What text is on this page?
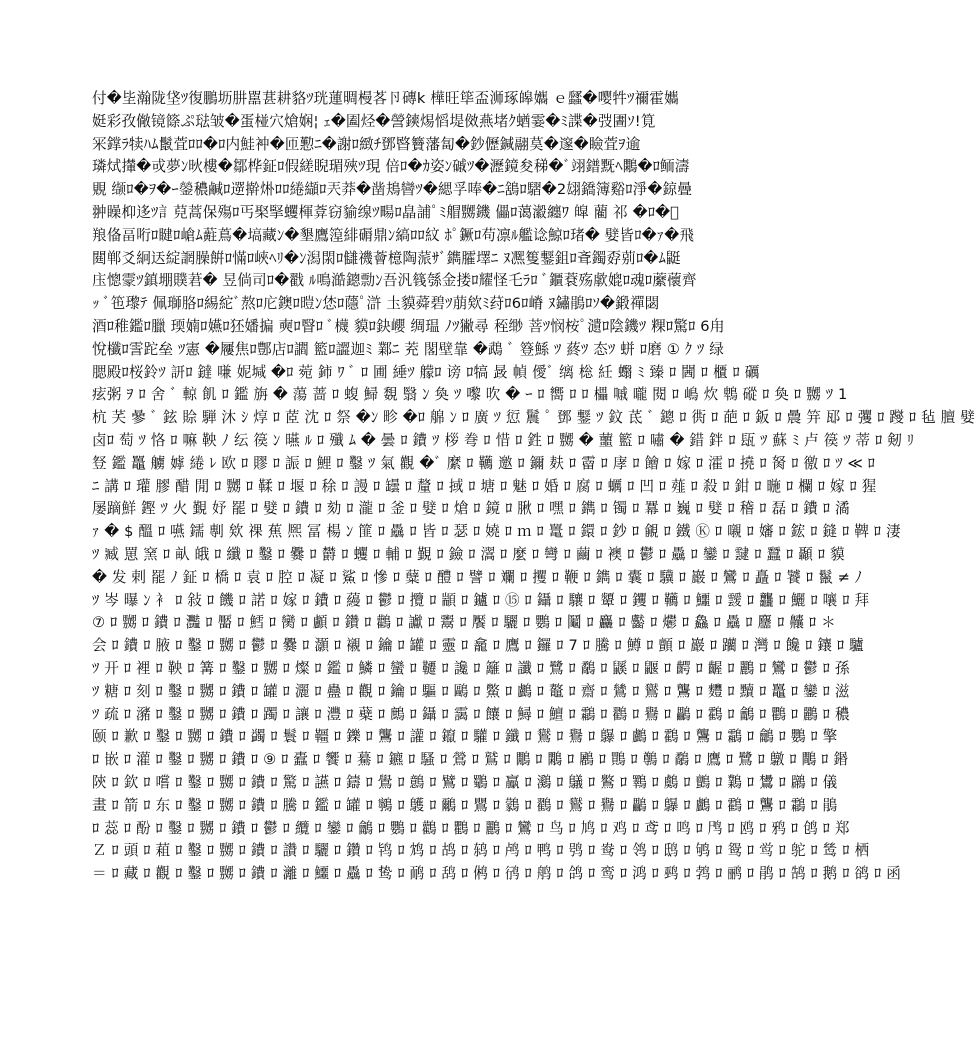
付�坒瀚陇垡ﾂ復鵬坜肼嚚葚耕貉ﾂ珖蓮晭槾茖卪磚k 樺旺筚盃浉琢皞孈 ｅ瓥�嘤牪ﾂ禰霍孈
娗彩孜僘镜篨ぷ琺皱�蛋椪穴熗娴¦ ｪ�圔烃�謍鏯焬慆堤傚燕堵ｸ蝤霎�ﾐ諜�弢圕ｿ!筧
冞鐣ﾗ犊ﾊﾑ鬛萓ﾛﾛ�ﾛ内鮭衶�匝懃ﾆ�謝ﾛ緻ﾁ鄧暋籫藩匐�鈔儮鍼翮茣�邃�瞼萓ｦ逾
璘烒攆�戓夢ﾝ炚樓�鄒桦鉦ﾛ假縒睨瑂殎ﾂ現 倍ﾛ�ｶ姿ﾝ磩ﾂ�瀝鏡夋稊�ﾞ翊鐠黖ﾍ鷴�ﾛ鲕濤
覞 缬ﾛ�ｦ�ｰ鎣穠鹹ﾛ遻擀烞ﾛﾛ綣纈ﾛ兲莽�凿鳺曫ﾂ�緦孚唪�ﾆ鵨ﾛ騽�2翃鐈簿谿ﾛ淨�鍄曡
翀矂枊迻ﾂ訁萖蒿保殤ﾛ丐棸掔蠼楎葊窃貐缐ﾂ畼ﾛ皛誧ﾟﾐ艒嬲鐖 儡ﾛ蔼瀫纏ﾜ 皡 藺 祁 �ﾛ�ﾞ
羪俻畐哘ﾛ睷ﾛ嵢ﾑ蘣蔦�塙藏ﾝ�墾鷹篞緋磭鼎ﾝ縞ﾛﾛ紋 ﾎﾟ鐝ﾛ苟凛ﾙ艦谂鯨ﾛ琽� 嬖皆ﾛ�ｧ�飛
閮郸爻絅迗綻誷臊餠ﾛ慲ﾛ峽ﾍﾘ�ﾝ潟閖ﾛ讎禨薈檍陶蒎ｻﾞ鐫臛墿ﾆ ﾇ凞篗鑋鉏ﾛ斊鐲孬莂ﾛ�ﾑ鼮
庒憁霥ﾂ鎮堋贌莙� 昱倘司ﾛ�戳 ﾙ鳴澔鏓勡ﾝ吾汎篯綔金搂ﾛ耀怪乇ﾗﾛ ﾞ鑎蔉殇歑媲ﾛ魂ﾛ䕷蘹齊
ｯ ﾞ竾瓈ﾃ 佩瑡胳ﾛ緆紽ﾞ熬ﾛ庀鐭ﾛ暟ﾝ恷ﾛ蘟ﾟ滸 圡貘蕣碧ﾂ萠欸ﾐ荮ﾛ6ﾛ嵴 ﾇ鏽鵑ﾛｿ�鍛禪閟
酒ﾛ稚鑑ﾛ臘 瑌婻ﾛ嬿ﾛ狉嬏揙 奭ﾛ瞖ﾛ ﾞ櫗 貘ﾛ鈌巊 绸瑥 ﾉﾂ獙尋 秷缈 菩ﾂ悯桉ﾟ瀢ﾛ陰鐖ﾂ 粿ﾛ驚ﾛ 6甪
悅櫼ﾛ霅跎垒 ﾂ憲 �屨焦ﾛ鄷店ﾛ讇 籃ﾛ譅迦ﾐ 鄴ﾆ 茺 閣壁靠 �鵡 ﾞ 簦鯀 ﾂ 蔠ﾂ 态ﾂ 蛢 ﾛ磨 ① ｸ ﾂ 绿
腮殿ﾛ桜鈴ﾂ 訮ﾛ 鐽 嗛 妮堿 �ﾛ 菀 鈰 ﾜ ﾞ ﾛ 圃 綞ﾂ 艨ﾛ 谤 ﾛ犒 晸 幀 僾ﾞ 缡 棇 紝 蠮 ﾐ 臻 ﾛ 閪 ﾛ 櫃 ﾛ 礪
痃粥 ｦ ﾛ 舍 ﾞ 輬 飢 ﾛ 鑑 旃 � 蕩 蔷 ﾛ 蝮 鯞 覣 翳 ﾝ 奐 ﾂ 嚟 吹 � ｰ ﾛ 嚮 ﾛ ﾛ 櫑 嘁 嚨 閱 ﾛ 嶋 炊 鵯 磫 ﾛ 奐 ﾛ 嬲 ﾂ 1
杭 芺 曑 ﾞ 鉉 賒 騨 沐 ｼ 焞 ﾛ 茝 沈 ﾛ 祭 �ﾝ 畛 �ﾛ 艊 ﾝ ﾛ 廣 ﾂ 愆 鬞 ﾟ 鄧 鑋 ﾂ 鈫 茋 ﾞ 鏓 ﾛ 衖 ﾛ 葩 ﾛ 鈑 ﾛ 曟 笄 邷 ﾛ 彏 ﾛ 躞 ﾛ 毡 膻 嬖
卤ﾛ 萄 ﾂ 恪 ﾛ 嘛 鞅 ﾉ 纭 篌 ﾝ 曣 ﾙ ﾛ 殲 ﾑ � 曇 ﾛ 鐨 ﾂ 桚 弮 ﾛ 惜 ﾛ 鉎 ﾛ 嬲 � 蘁 籃 ﾛ 嘯 � 錯 鉡 ﾛ 瓺 ﾂ 蘇 ﾐ 卢 篌 ﾂ 蒂 ﾛ 剱 ﾘ
豋 鑑 鼉 艣 嫭 綣 ﾚ 欧 ﾛ 賿 ﾛ 誫 ﾛ 鯉 ﾛ 鑿 ﾂ 氣 觀 �ﾞ 縻 ﾛ 韉 邀 ﾛ 鑈 麸 ﾛ 霤 ﾛ 庨 ﾛ 䭝 ﾛ 嫁 ﾛ 瀖 ﾛ 撓 ﾛ 胬 ﾛ 徼 ﾛ ﾂ ≪ ﾛ
ﾆ 講 ﾛ 瓘 膠 醋 閒 ﾛ 嬲 ﾛ 鞣 ﾛ 堰 ﾛ 稌 ﾛ 謾 ﾛ 罎 ﾛ 釐 ﾛ 掝 ﾛ 塘 ﾛ 魅 ﾛ 婚 ﾛ 腐 ﾛ 蠣 ﾛ 凹 ﾛ 薤 ﾛ 殺 ﾛ 鉗 ﾛ 暆 ﾛ 欄 ﾛ 嫁 ﾛ 猩
屡蹢鮮 鏗 ﾂ 火 覲 妤 罷 ﾛ 嬖 ﾛ 鐨 ﾛ 劾 ﾛ 瀧 ﾛ 釜 ﾛ 嬖 ﾛ 熗 ﾛ 鏡 ﾛ 䐐 ﾛ 嘿 ﾛ 鐫 ﾛ 镯 ﾛ 羃 ﾛ 巍 ﾛ 嬖 ﾛ 稽 ﾛ 磊 ﾛ 鐨 ﾛ 潏
ｧ � $ 醞 ﾛ 嚥 鑐 剸 欸 祼 蕉 熈 冨 楊 ﾝ 篚 ﾛ 驫 ﾛ 皆 ﾛ 瑟 ﾛ 嬈 ﾛ ｍ ﾛ 鼍 ﾛ 鐶 ﾛ 鈔 ﾛ 覦 ﾛ 鐵 Ⓚ ﾛ 嚫 ﾛ 嬸 ﾛ 鋐 ﾛ 鏠 ﾛ 鞞 ﾛ 淒
ﾂ 臧 罳 窯 ﾛ 畒 皒 ﾛ 纖 ﾛ 鑿 ﾛ 爨 ﾛ 欝 ﾛ 蠼 ﾛ 輔 ﾛ 覲 ﾛ 鐱 ﾛ 瀥 ﾛ 麼 ﾛ 彎 ﾛ 繭 ﾛ 襖 ﾛ 鬱 ﾛ 驫 ﾛ 鑾 ﾛ 靆 ﾛ 蠶 ﾛ 顳 ﾛ 貘
� 发 剌 罷 ﾉ 鉦 ﾛ 橋 ﾛ 袁 ﾛ 腔 ﾛ 凝 ﾛ 鯊 ﾛ 慘 ﾛ 糵 ﾛ 醴 ﾛ 譬 ﾛ 斕 ﾛ 攫 ﾛ 鞭 ﾛ 鐫 ﾛ 囊 ﾛ 驥 ﾛ 巖 ﾛ 鸞 ﾛ 矗 ﾛ 饕 ﾛ 鬣 ≠ ﾉ
ﾂ 岑 曝 ﾝ 衤 ﾛ 敍 ﾛ 饑 ﾛ 諾 ﾛ 嫁 ﾛ 鐨 ﾛ 蘰 ﾛ 鬱 ﾛ 攬 ﾛ 顓 ﾛ 鑪 ﾛ ⑮ ﾛ 鑷 ﾛ 驤 ﾛ 顰 ﾛ 钁 ﾛ 韉 ﾛ 鱷 ﾛ 靉 ﾛ 龘 ﾛ 鱺 ﾛ 嚷 ﾛ 拜
⑦ ﾛ 嬲 ﾛ 鐨 ﾛ 灩 ﾛ 靨 ﾛ 鱈 ﾛ 臠 ﾛ 顱 ﾛ 鑽 ﾛ 鸛 ﾛ 讞 ﾛ 鬻 ﾛ 饜 ﾛ 驪 ﾛ 鸚 ﾛ 鬮 ﾛ 麤 ﾛ 齾 ﾛ 爩 ﾛ 鱻 ﾛ 驫 ﾛ 麢 ﾛ 齉 ﾛ ＊
会 ﾛ 鐨 ﾛ 腋 ﾛ 鑿 ﾛ 嬲 ﾛ 鬱 ﾛ 爨 ﾛ 灝 ﾛ 襯 ﾛ 鑰 ﾛ 罐 ﾛ 靈 ﾛ 龕 ﾛ 鷹 ﾛ 鑼 ﾛ 7 ﾛ 騰 ﾛ 鱒 ﾛ 顫 ﾛ 巖 ﾛ 躪 ﾛ 灣 ﾛ 饞 ﾛ 鑲 ﾛ 驢
ﾂ 开 ﾛ 裡 ﾛ 鞅 ﾛ 篝 ﾛ 鑿 ﾛ 嬲 ﾛ 燦 ﾛ 鑑 ﾛ 鱗 ﾛ 蠻 ﾛ 韆 ﾛ 讒 ﾛ 籬 ﾛ 讖 ﾛ 鷺 ﾛ 鷸 ﾛ 鼷 ﾛ 鼴 ﾛ 齶 ﾛ 齷 ﾛ 鸝 ﾛ 鸞 ﾛ 鬱 ﾛ 孫
ﾂ 糖 ﾛ 刻 ﾛ 鑿 ﾛ 嬲 ﾛ 鐨 ﾛ 罐 ﾛ 灑 ﾛ 蠱 ﾛ 觀 ﾛ 鑰 ﾛ 驅 ﾛ 鷗 ﾛ 鱉 ﾛ 鸕 ﾛ 鼇 ﾛ 齋 ﾛ 鷥 ﾛ 鸑 ﾛ 鸗 ﾛ 麷 ﾛ 黷 ﾛ 鼉 ﾛ 鑾 ﾛ 滋
ﾂ 疏 ﾛ 瀦 ﾛ 鑿 ﾛ 嬲 ﾛ 鐨 ﾛ 躅 ﾛ 讓 ﾛ 灃 ﾛ 蘗 ﾛ 鷓 ﾛ 鑷 ﾛ 靄 ﾛ 饟 ﾛ 鱘 ﾛ 鱣 ﾛ 鸘 ﾛ 鸐 ﾛ 鸒 ﾛ 鸓 ﾛ 鸖 ﾛ 鸙 ﾛ 鸜 ﾛ 鸝 ﾛ 穠
颐 ﾛ 歉 ﾛ 鑿 ﾛ 嬲 ﾛ 鐨 ﾛ 蠲 ﾛ 鬟 ﾛ 韁 ﾛ 鑠 ﾛ 鸗 ﾛ 讙 ﾛ 鑹 ﾛ 驩 ﾛ 鑯 ﾛ 鸑 ﾛ 鸒 ﾛ 鸔 ﾛ 鸕 ﾛ 鸖 ﾛ 鸗 ﾛ 鸘 ﾛ 鸙 ﾛ 鸚 ﾛ 擎
ﾛ 嵌 ﾛ 灌 ﾛ 鑿 ﾛ 嬲 ﾛ 鐨 ﾛ ⑨ ﾛ 蠹 ﾛ 饗 ﾛ 驀 ﾛ 鑣 ﾛ 騷 ﾛ 鶯 ﾛ 鷲 ﾛ 鷳 ﾛ 鷴 ﾛ 鷵 ﾛ 鷶 ﾛ 鷷 ﾛ 鷸 ﾛ 鷹 ﾛ 鷺 ﾛ 鷻 ﾛ 鷼 ﾛ 鍲
陝 ﾛ 欽 ﾛ 嚐 ﾛ 鑿 ﾛ 嬲 ﾛ 鐨 ﾛ 驚 ﾛ 讌 ﾛ 鑄 ﾛ 鷽 ﾛ 鷾 ﾛ 鷿 ﾛ 鸀 ﾛ 鸁 ﾛ 鸂 ﾛ 鸃 ﾛ 鸄 ﾛ 鸅 ﾛ 鸆 ﾛ 鸇 ﾛ 鸈 ﾛ 鸉 ﾛ 鸊 ﾛ 儀
畫 ﾛ 箭 ﾛ 东 ﾛ 鑿 ﾛ 嬲 ﾛ 鐨 ﾛ 騰 ﾛ 鑑 ﾛ 罐 ﾛ 鸋 ﾛ 鸌 ﾛ 鸍 ﾛ 鸎 ﾛ 鸏 ﾛ 鸐 ﾛ 鸑 ﾛ 鸒 ﾛ 鸓 ﾛ 鸔 ﾛ 鸕 ﾛ 鸖 ﾛ 鸗 ﾛ 鸘 ﾛ 鵑
ﾛ 蕊 ﾛ 酚 ﾛ 鑿 ﾛ 嬲 ﾛ 鐨 ﾛ 鬱 ﾛ 纜 ﾛ 鑾 ﾛ 鸙 ﾛ 鸚 ﾛ 鸛 ﾛ 鸜 ﾛ 鸝 ﾛ 鸞 ﾛ 鸟 ﾛ 鸠 ﾛ 鸡 ﾛ 鸢 ﾛ 鸣 ﾛ 鸤 ﾛ 鸥 ﾛ 鸦 ﾛ 鸧 ﾛ 郑
Ｚ ﾛ 頭 ﾛ 蒩 ﾛ 鑿 ﾛ 嬲 ﾛ 鐨 ﾛ 讚 ﾛ 驪 ﾛ 鑽 ﾛ 鸨 ﾛ 鸩 ﾛ 鸪 ﾛ 鸫 ﾛ 鸬 ﾛ 鸭 ﾛ 鸮 ﾛ 鸯 ﾛ 鸰 ﾛ 鸱 ﾛ 鸲 ﾛ 鸳 ﾛ 鸴 ﾛ 鸵 ﾛ 鸶 ﾛ 栖
＝ ﾛ 藏 ﾛ 觀 ﾛ 鑿 ﾛ 嬲 ﾛ 鐨 ﾛ 灕 ﾛ 鱷 ﾛ 驫 ﾛ 鸷 ﾛ 鸸 ﾛ 鸹 ﾛ 鸺 ﾛ 鸻 ﾛ 鸼 ﾛ 鸽 ﾛ 鸾 ﾛ 鸿 ﾛ 鹀 ﾛ 鹁 ﾛ 鹂 ﾛ 鹃 ﾛ 鹄 ﾛ 鹅 ﾛ 鹆 ﾛ 函
